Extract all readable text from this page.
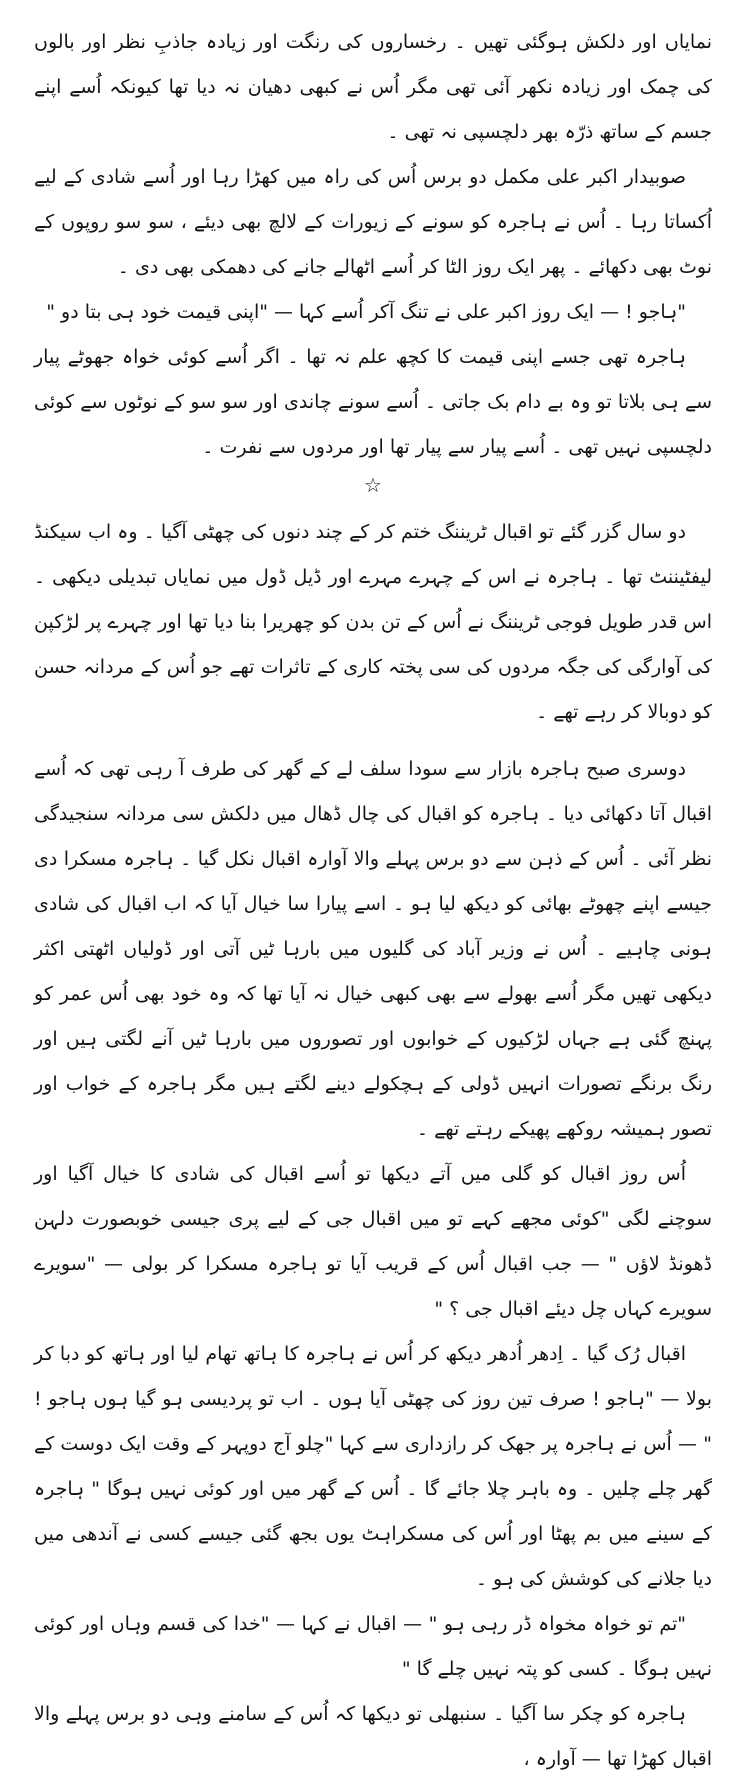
نمایاں اور دلکش ہوگئی تھیں ۔ رخساروں کی رنگت اور زیادہ جاذبِ نظر اور بالوں کی چمک اور زیادہ نکھر آئی تھی مگر اُس نے کبھی دھیان نہ دیا تھا کیونکہ اُسے اپنے جسم کے ساتھ ذرّہ بھر دلچسپی نہ تھی ۔

صوبیدار اکبر علی مکمل دو برس اُس کی راہ میں کھڑا رہا اور اُسے شادی کے لیے اُکساتا رہا ۔ اُس نے ہاجرہ کو سونے کے زیورات کے لالچ بھی دیئے ، سو سو روپوں کے نوٹ بھی دکھائے ۔ پھر ایک روز الٹا کر اُسے اٹھالے جانے کی دھمکی بھی دی ۔

"ہاجو ! — ایک روز اکبر علی نے تنگ آکر اُسے کہا — "اپنی قیمت خود ہی بتا دو "

ہاجرہ تھی جسے اپنی قیمت کا کچھ علم نہ تھا ۔ اگر اُسے کوئی خواہ جھوٹے پیار سے ہی بلاتا تو وہ بے دام بک جاتی ۔ اُسے سونے چاندی اور سو سو کے نوٹوں سے کوئی دلچسپی نہیں تھی ۔ اُسے پیار سے پیار تھا اور مردوں سے نفرت ۔

☆

دو سال گزر گئے تو اقبال ٹریننگ ختم کر کے چند دنوں کی چھٹی آگیا ۔ وہ اب سیکنڈ لیفٹیننٹ تھا ۔ ہاجرہ نے اس کے چہرے مہرے اور ڈیل ڈول میں نمایاں تبدیلی دیکھی ۔ اس قدر طویل فوجی ٹریننگ نے اُس کے تن بدن کو چھریرا بنا دیا تھا اور چہرے پر لڑکپن کی آوارگی کی جگہ مردوں کی سی پختہ کاری کے تاثرات تھے جو اُس کے مردانہ حسن کو دوبالا کر رہے تھے ۔

دوسری صبح ہاجرہ بازار سے سودا سلف لے کے گھر کی طرف آ رہی تھی کہ اُسے اقبال آتا دکھائی دیا ۔ ہاجرہ کو اقبال کی چال ڈھال میں دلکش سی مردانہ سنجیدگی نظر آئی ۔ اُس کے ذہن سے دو برس پہلے والا آوارہ اقبال نکل گیا ۔ ہاجرہ مسکرا دی جیسے اپنے چھوٹے بھائی کو دیکھ لیا ہو ۔ اسے پیارا سا خیال آیا کہ اب اقبال کی شادی ہونی چاہیے ۔ اُس نے وزیر آباد کی گلیوں میں بارہا ٹیں آتی اور ڈولیاں اٹھتی اکثر دیکھی تھیں مگر اُسے بھولے سے بھی کبھی خیال نہ آیا تھا کہ وہ خود بھی اُس عمر کو پہنچ گئی ہے جہاں لڑکیوں کے خوابوں اور تصوروں میں بارہا ٹیں آنے لگتی ہیں اور رنگ برنگے تصورات انہیں ڈولی کے ہچکولے دینے لگتے ہیں مگر ہاجرہ کے خواب اور تصور ہمیشہ روکھے پھیکے رہتے تھے ۔

اُس روز اقبال کو گلی میں آتے دیکھا تو اُسے اقبال کی شادی کا خیال آگیا اور سوچنے لگی "کوئی مجھے کہے تو میں اقبال جی کے لیے پری جیسی خوبصورت دلہن ڈھونڈ لاؤں " — جب اقبال اُس کے قریب آیا تو ہاجرہ مسکرا کر بولی — "سویرے سویرے کہاں چل دیئے اقبال جی ؟ "

اقبال رُک گیا ۔ اِدھر اُدھر دیکھ کر اُس نے ہاجرہ کا ہاتھ تھام لیا اور ہاتھ کو دبا کر بولا — "ہاجو ! صرف تین روز کی چھٹی آیا ہوں ۔ اب تو پردیسی ہو گیا ہوں ہاجو ! " — اُس نے ہاجرہ پر جھک کر رازداری سے کہا "چلو آج دوپہر کے وقت ایک دوست کے گھر چلے چلیں ۔ وہ باہر چلا جائے گا ۔ اُس کے گھر میں اور کوئی نہیں ہوگا " ہاجرہ کے سینے میں بم پھٹا اور اُس کی مسکراہٹ یوں بجھ گئی جیسے کسی نے آندھی میں دیا جلانے کی کوشش کی ہو ۔

"تم تو خواہ مخواہ ڈر رہی ہو " — اقبال نے کہا — "خدا کی قسم وہاں اور کوئی نہیں ہوگا ۔ کسی کو پتہ نہیں چلے گا "

ہاجرہ کو چکر سا آگیا ۔ سنبھلی تو دیکھا کہ اُس کے سامنے وہی دو برس پہلے والا اقبال کھڑا تھا — آوارہ ،
